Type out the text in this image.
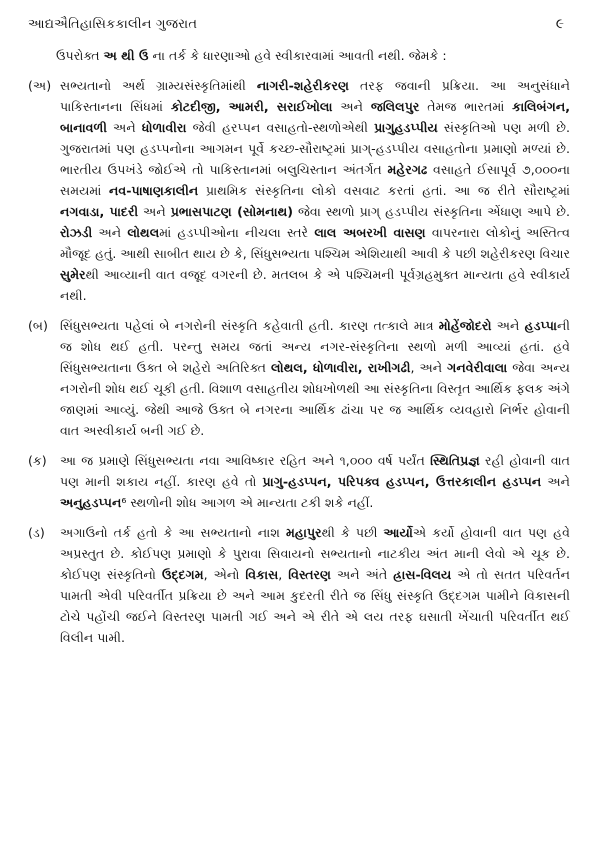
આદ્યઐતિહાસિકકાલીન ગુજરાત	૯

ઉપરોક્ત અ થી ઉ ના તર્ક કે ધારણાઓ હવે સ્વીકારવામાં આવતી નથી. જેમકે :

(અ) સભ્યતાનો અર્થ ગ્રામ્યસંસ્કૃતિમાંથી નાગરી-શહેરીકરણ તરફ જવાની પ્રક્રિયા. આ અનુસંધાને પાકિસ્તાનના સિંધમાં કોટદીજી, આમરી, સરાઈખોલા અને જલિલપુર તેમજ ભારતમાં કાલિબંગન, બાનાવળી અને ધોળાવીરા જેવી હરપ્પન વસાહતો-સ્થળોએથી પ્રાગુહડપ્પીય સંસ્કૃતિઓ પણ મળી છે. ગુજરાતમાં પણ હડપ્પનોના આગમન પૂર્વે કચ્છ-સૌરાષ્ટ્રમાં પ્રાગ્-હડપ્પીય વસાહતોના પ્રમાણો મળ્યાં છે. ભારતીય ઉપખંડે જોઈએ તો પાકિસ્તાનમાં બલુચિસ્તાન અંતર્ગત મહેરગઢ વસાહતે ઈસાપૂર્વ ૭,૦૦૦ના સમયમાં નવ-પાષાણકાલીન પ્રાથમિક સંસ્કૃતિના લોકો વસવાટ કરતાં હતાં. આ જ રીતે સૌરાષ્ટ્રમાં નગવાડા, પાદરી અને પ્રભાસપાટણ (સોમનાથ) જેવા સ્થળો પ્રાગ્ હડપ્પીય સંસ્કૃતિના એંધાણ આપે છે. રોઝડી અને લોથલમાં હડપ્પીઓના નીચલા સ્તરે લાલ અબરખી વાસણ વાપરનારા લોકોનું અસ્તિત્વ મૌજૂદ હતું. આથી સાબીત થાય છે કે, સિંધુસભ્યતા પશ્ચિમ એશિયાથી આવી કે પછી શહેરીકરણ વિચાર સુમેરથી આવ્યાની વાત વજૂદ વગરની છે. મતલબ કે એ પશ્ચિમની પૂર્વગ્રહમુક્ત માન્યતા હવે સ્વીકાર્ય નથી.
(બ) સિંધુસભ્યતા પહેલાં બે નગરોની સંસ્કૃતિ કહેવાતી હતી. કારણ તત્કાલે માત્ર મોહેંજોદરો અને હડપ્પાની જ શોધ થઈ હતી. પરન્તુ સમય જતાં અન્ય નગર-સંસ્કૃતિના સ્થળો મળી આવ્યાં હતાં. હવે સિંધુસભ્યતાના ઉક્ત બે શહેરો અતિરિક્ત લોથલ, ધોળાવીરા, રાખીગઢી, અને ગનવેરીવાલા જેવા અન્ય નગરોની શોધ થઈ ચૂકી હતી. વિશાળ વસાહતીય શોધખોળથી આ સંસ્કૃતિના વિસ્તૃત આર્થિક ફલક અંગે જાણમાં આવ્યું. જેથી આજે ઉક્ત બે નગરના આર્થિક ઢાંચા પર જ આર્થિક વ્યવહારો નિર્ભર હોવાની વાત અસ્વીકાર્ય બની ગઈ છે.
(ક)	આ જ પ્રમાણે સિંધુસભ્યતા નવા આવિષ્કાર રહિત અને ૧,૦૦૦ વર્ષ પર્યંત સ્થિતિપ્રજ્ઞ રહી હોવાની વાત પણ માની શકાય નહીં. કારણ હવે તો પ્રાગુ-હડપ્પન, પરિપક્વ હડપ્પન, ઉત્તરકાલીન હડપ્પન અને અનુહડપ્પન⁶ સ્થળોની શોધ આગળ એ માન્યતા ટકી શકે નહીં.
(ડ)	અગાઉનો તર્ક હતો કે આ સભ્યતાનો નાશ મહાપુરથી કે પછી આર્યોએ કર્યો હોવાની વાત પણ હવે અપ્રસ્તુત છે. કોઈપણ પ્રમાણો કે પુરાવા સિવાયનો સભ્યતાનો નાટકીય અંત માની લેવો એ ચૂક છે. કોઈપણ સંસ્કૃતિનો ઉદ્દગમ, એનો વિકાસ, વિસ્તરણ અને અંતે હ્રાસ-વિલય એ તો સતત પરિવર્તન પામતી એવી પરિવર્તીત પ્રક્રિયા છે અને આમ કુદરતી રીતે જ સિંધુ સંસ્કૃતિ ઉદ્દગમ પામીને વિકાસની ટોચે પહોંચી જઈને વિસ્તરણ પામતી ગઈ અને એ રીતે એ લય તરફ ઘસાતી ખેંચાતી પરિવર્તીત થઈ વિલીન પામી.
